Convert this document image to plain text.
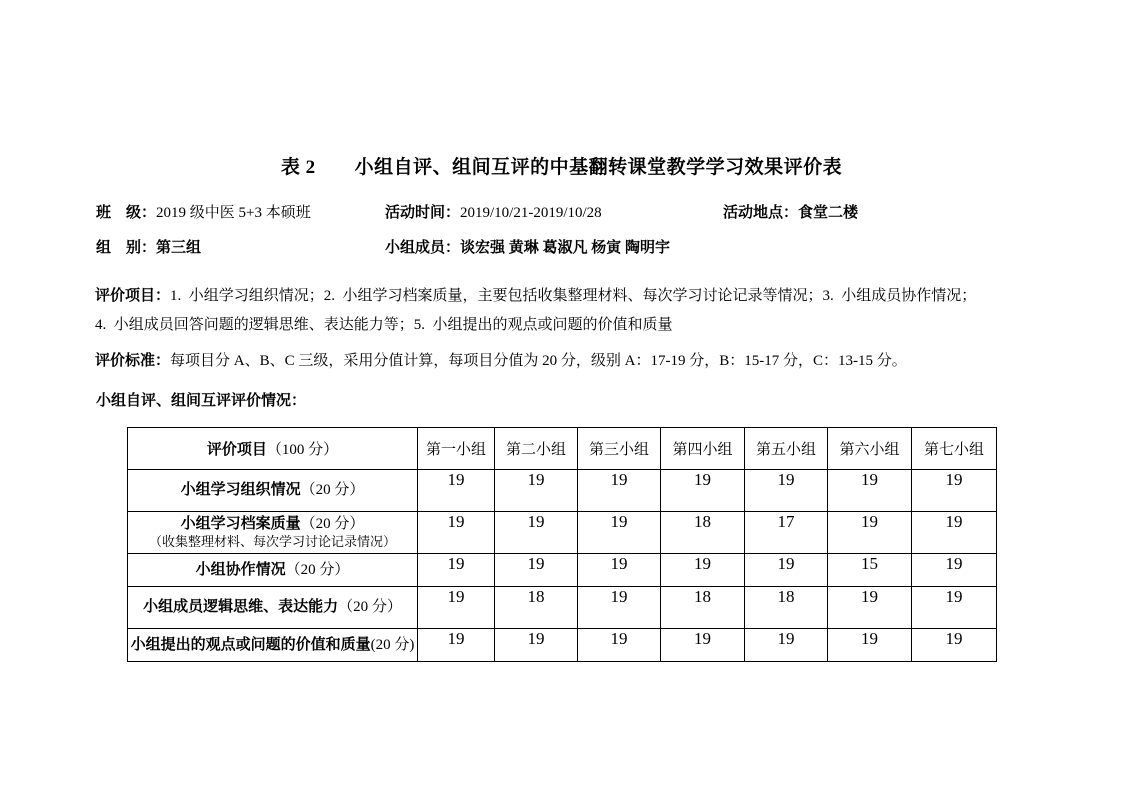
表 2　　小组自评、组间互评的中基翻转课堂教学学习效果评价表
班　级：2019 级中医 5+3 本硕班	活动时间：2019/10/21-2019/10/28	活动地点：食堂二楼
组　别：第三组	小组成员：谈宏强 黄琳 葛淑凡 杨寅 陶明宇
评价项目：1.  小组学习组织情况；2.  小组学习档案质量，主要包括收集整理材料、每次学习讨论记录等情况；3.  小组成员协作情况；
4.  小组成员回答问题的逻辑思维、表达能力等；5.  小组提出的观点或问题的价值和质量
评价标准：每项目分 A、B、C 三级，采用分值计算，每项目分值为 20 分，级别 A：17-19 分，B：15-17 分，C：13-15 分。
小组自评、组间互评评价情况：
评价项目（100 分）	第一小组	第二小组	第三小组	第四小组	第五小组	第六小组	第七小组

小组学习组织情况（20 分）	19	19	19	19	19	19	19

小组学习档案质量（20 分）
（收集整理材料、每次学习讨论记录情况）	19	19	19	18	17	19	19

小组协作情况（20 分）	19	19	19	19	19	15	19

小组成员逻辑思维、表达能力（20 分）	19	18	19	18	18	19	19

小组提出的观点或问题的价值和质量(20 分)	19	19	19	19	19	19	19
